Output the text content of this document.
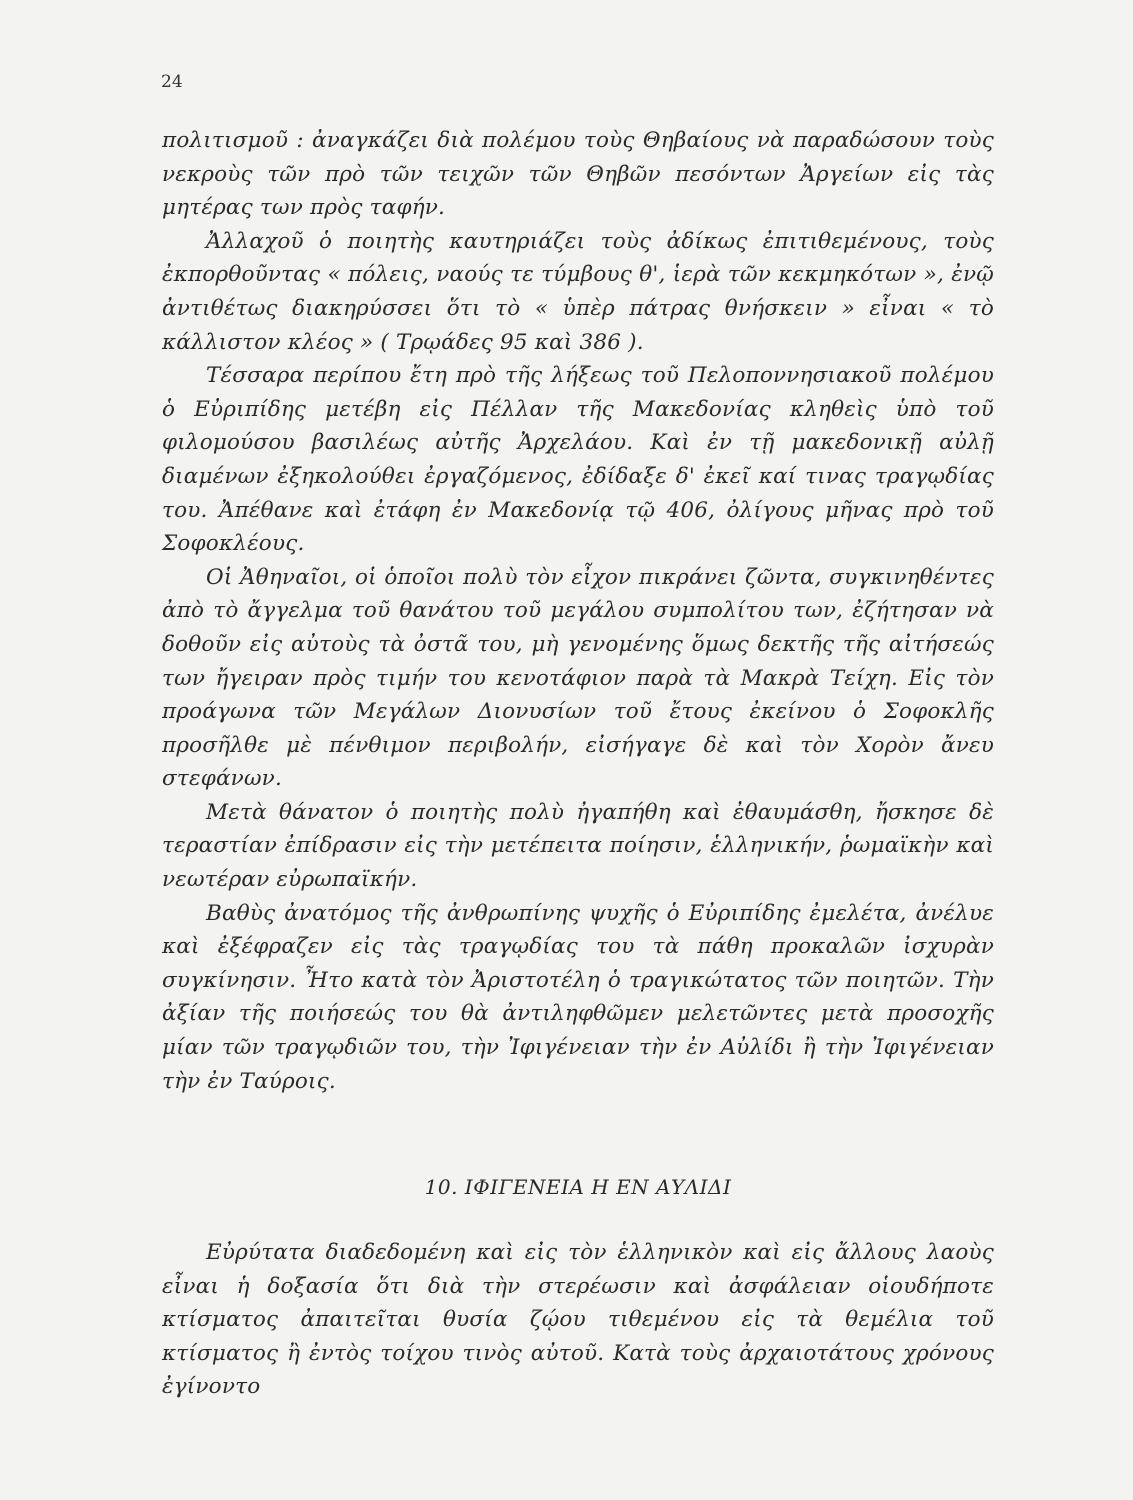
24

πολιτισμοῦ : ἀναγκάζει διὰ πολέμου τοὺς Θηβαίους νὰ παραδώσουν τοὺς νεκροὺς τῶν πρὸ τῶν τειχῶν τῶν Θηβῶν πεσόντων Ἀργείων εἰς τὰς μητέρας των πρὸς ταφήν.

Ἀλλαχοῦ ὁ ποιητὴς καυτηριάζει τοὺς ἀδίκως ἐπιτιθεμένους, τοὺς ἐκπορθοῦντας « πόλεις, ναούς τε τύμβους θ', ἱερὰ τῶν κεκμηκότων », ἐνῷ ἀντιθέτως διακηρύσσει ὅτι τὸ « ὑπὲρ πάτρας θνήσκειν » εἶναι « τὸ κάλλιστον κλέος » ( Τρῳάδες 95 καὶ 386 ).

Τέσσαρα περίπου ἔτη πρὸ τῆς λήξεως τοῦ Πελοποννησιακοῦ πολέμου ὁ Εὐριπίδης μετέβη εἰς Πέλλαν τῆς Μακεδονίας κληθεὶς ὑπὸ τοῦ φιλομούσου βασιλέως αὐτῆς Ἀρχελάου. Καὶ ἐν τῇ μακεδονικῇ αὐλῇ διαμένων ἐξηκολούθει ἐργαζόμενος, ἐδίδαξε δ' ἐκεῖ καί τινας τραγῳδίας του. Ἀπέθανε καὶ ἐτάφη ἐν Μακεδονίᾳ τῷ 406, ὀλίγους μῆνας πρὸ τοῦ Σοφοκλέους.

Οἱ Ἀθηναῖοι, οἱ ὁποῖοι πολὺ τὸν εἶχον πικράνει ζῶντα, συγκινηθέντες ἀπὸ τὸ ἄγγελμα τοῦ θανάτου τοῦ μεγάλου συμπολίτου των, ἐζήτησαν νὰ δοθοῦν εἰς αὐτοὺς τὰ ὀστᾶ του, μὴ γενομένης ὅμως δεκτῆς τῆς αἰτήσεώς των ἤγειραν πρὸς τιμήν του κενοτάφιον παρὰ τὰ Μακρὰ Τείχη. Εἰς τὸν προάγωνα τῶν Μεγάλων Διονυσίων τοῦ ἔτους ἐκείνου ὁ Σοφοκλῆς προσῆλθε μὲ πένθιμον περιβολήν, εἰσήγαγε δὲ καὶ τὸν Χορὸν ἄνευ στεφάνων.

Μετὰ θάνατον ὁ ποιητὴς πολὺ ἠγαπήθη καὶ ἐθαυμάσθη, ἤσκησε δὲ τεραστίαν ἐπίδρασιν εἰς τὴν μετέπειτα ποίησιν, ἑλληνικήν, ῥωμαϊκὴν καὶ νεωτέραν εὐρωπαϊκήν.

Βαθὺς ἀνατόμος τῆς ἀνθρωπίνης ψυχῆς ὁ Εὐριπίδης ἐμελέτα, ἀνέλυε καὶ ἐξέφραζεν εἰς τὰς τραγῳδίας του τὰ πάθη προκαλῶν ἰσχυρὰν συγκίνησιν. Ἦτο κατὰ τὸν Ἀριστοτέλη ὁ τραγικώτατος τῶν ποιητῶν. Τὴν ἀξίαν τῆς ποιήσεώς του θὰ ἀντιληφθῶμεν μελετῶντες μετὰ προσοχῆς μίαν τῶν τραγῳδιῶν του, τὴν Ἰφιγένειαν τὴν ἐν Αὐλίδι ἢ τὴν Ἰφιγένειαν τὴν ἐν Ταύροις.

10. ΙΦΙΓΕΝΕΙΑ Η ΕΝ ΑΥΛΙΔΙ

Εὐρύτατα διαδεδομένη καὶ εἰς τὸν ἑλληνικὸν καὶ εἰς ἄλλους λαοὺς εἶναι ἡ δοξασία ὅτι διὰ τὴν στερέωσιν καὶ ἀσφάλειαν οἱουδήποτε κτίσματος ἀπαιτεῖται θυσία ζῴου τιθεμένου εἰς τὰ θεμέλια τοῦ κτίσματος ἢ ἐντὸς τοίχου τινὸς αὐτοῦ. Κατὰ τοὺς ἀρχαιοτάτους χρόνους ἐγίνοντο
